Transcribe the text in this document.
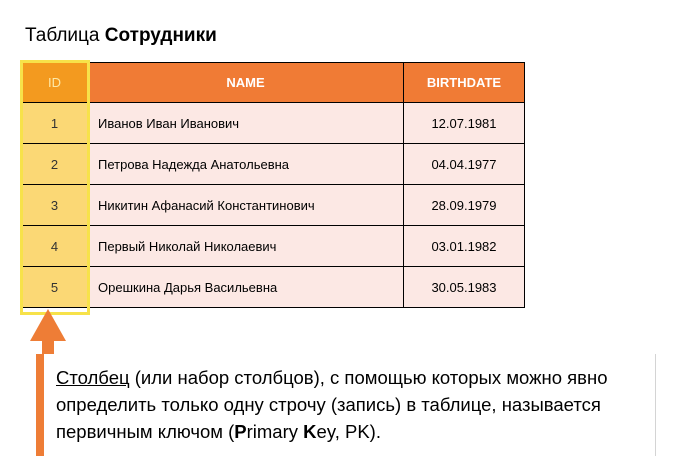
Таблица Сотрудники
ID	NAME	BIRTHDATE
1	Иванов Иван Иванович	12.07.1981
2	Петрова Надежда Анатольевна	04.04.1977
3	Никитин Афанасий Константинович	28.09.1979
4	Первый Николай Николаевич	03.01.1982
5	Орешкина Дарья Васильевна	30.05.1983
Столбец (или набор столбцов), с помощью которых можно явно определить только одну строчу (запись) в таблице, называется первичным ключом (Primary Key, PK).
